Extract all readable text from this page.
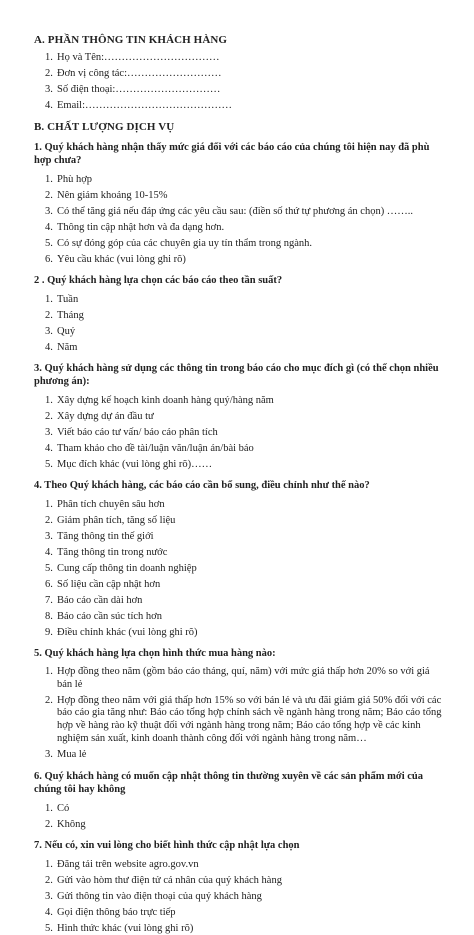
A. PHẦN THÔNG TIN KHÁCH HÀNG
1. Họ và Tên:……………………………
2. Đơn vị công tác:………………………
3. Số điện thoại:…………………………
4. Email:……………………………………
B. CHẤT LƯỢNG DỊCH VỤ
1. Quý khách hàng nhận thấy mức giá đối với các báo cáo của chúng tôi hiện nay đã phù hợp chưa?
1. Phù hợp
2. Nên giảm khoảng 10-15%
3. Có thể tăng giá nếu đáp ứng các yêu cầu sau: (điền số thứ tự phương án chọn) ……..
4. Thông tin cập nhật hơn và đa dạng hơn.
5. Có sự đóng góp của các chuyên gia uy tín thẩm trong ngành.
6. Yêu cầu khác (vui lòng ghi rõ)
2 . Quý khách hàng lựa chọn các báo cáo theo tần suất?
1. Tuần
2. Tháng
3. Quý
4. Năm
3. Quý khách hàng sử dụng các thông tin trong báo cáo cho mục đích gì (có thể chọn nhiều phương án):
1. Xây dựng kế hoạch kinh doanh hàng quý/hàng năm
2. Xây dựng dự án đầu tư
3. Viết báo cáo tư vấn/ báo cáo phân tích
4. Tham khảo cho đề tài/luận văn/luận án/bài báo
5. Mục đích khác (vui lòng ghi rõ)……
4. Theo Quý khách hàng, các báo cáo cần bổ sung, điều chỉnh như thế nào?
1. Phân tích chuyên sâu hơn
2. Giảm phân tích, tăng số liệu
3. Tăng thông tin thế giới
4. Tăng thông tin trong nước
5. Cung cấp thông tin doanh nghiệp
6. Số liệu cần cập nhật hơn
7. Báo cáo cần dài hơn
8. Báo cáo cần súc tích hơn
9. Điều chỉnh khác (vui lòng ghi rõ)
5. Quý khách hàng lựa chọn hình thức mua hàng nào:
1. Hợp đồng theo năm (gồm báo cáo tháng, quí, năm) với mức giá thấp hơn 20% so với giá bán lẻ
2. Hợp đồng theo năm với giá thấp hơn 15% so với bán lẻ và ưu đãi giảm giá 50% đối với các báo cáo gia tăng như: Báo cáo tổng hợp chính sách về ngành hàng trong năm; Báo cáo tổng hợp về hàng rào kỹ thuật đối với ngành hàng trong năm; Báo cáo tổng hợp về các kinh nghiệm sản xuất, kinh doanh thành công đối với ngành hàng trong năm…
3. Mua lẻ
6. Quý khách hàng có muốn cập nhật thông tin thường xuyên về các sản phẩm mới của chúng tôi hay không
1. Có
2. Không
7. Nếu có, xin vui lòng cho biết hình thức cập nhật lựa chọn
1. Đăng tải trên website agro.gov.vn
2. Gửi vào hòm thư điện tử cá nhân của quý khách hàng
3. Gửi thông tin vào điện thoại của quý khách hàng
4. Gọi điện thông báo trực tiếp
5. Hình thức khác (vui lòng ghi rõ)
